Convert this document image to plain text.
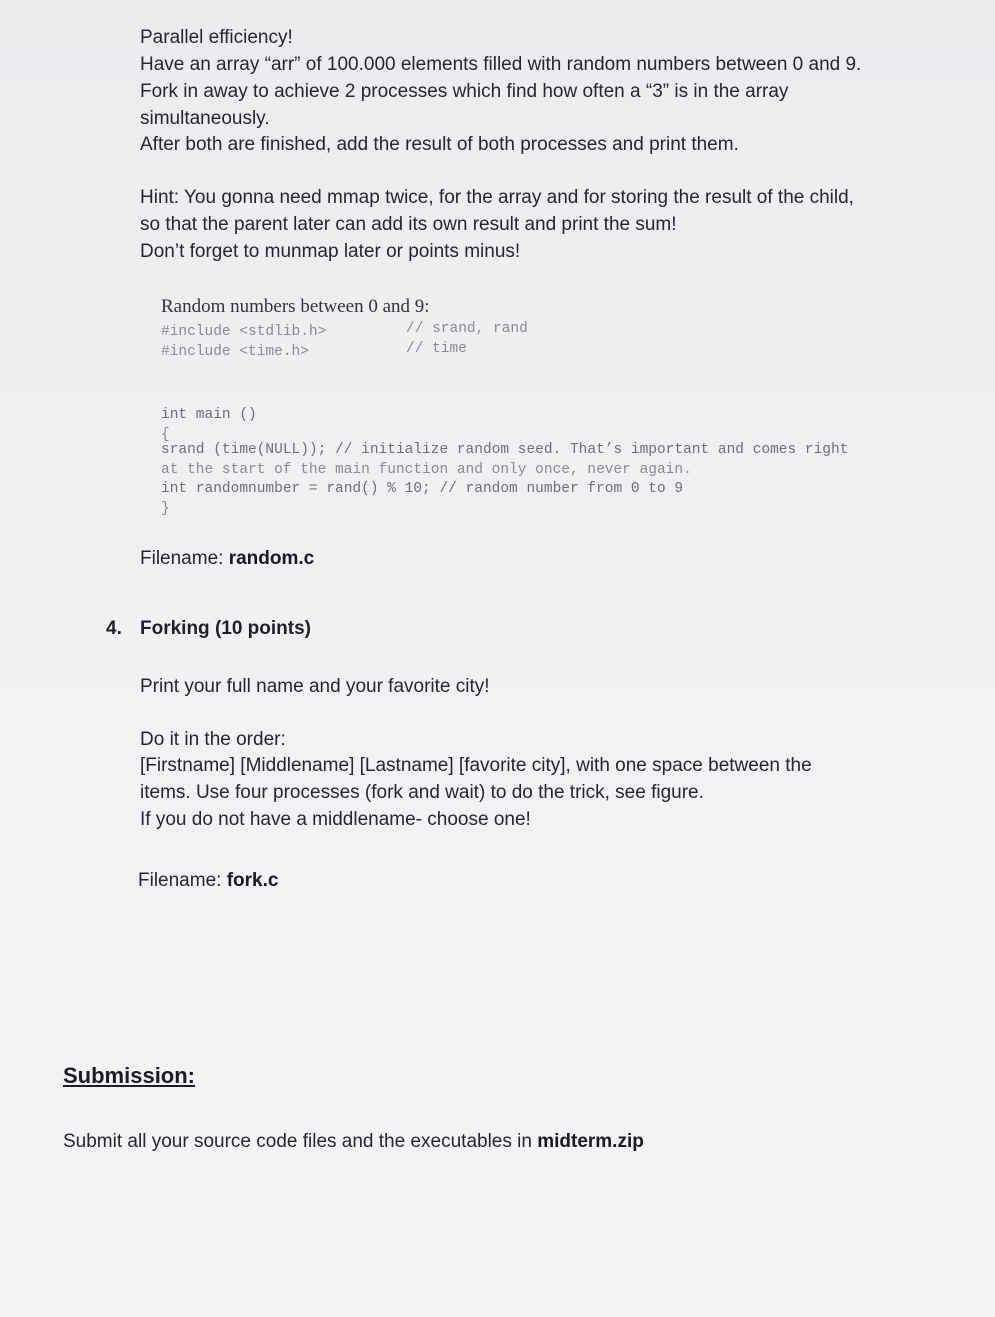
Parallel efficiency!

Have an array “arr” of 100.000 elements filled with random numbers between 0 and 9.

Fork in away to achieve 2 processes which find how often a “3” is in the array

simultaneously.

After both are finished, add the result of both processes and print them.

Hint: You gonna need mmap twice, for the array and for storing the result of the child,

so that the parent later can add its own result and print the sum!

Don’t forget to munmap later or points minus!

Random numbers between 0 and 9:

#include <stdlib.h>	// srand, rand

#include <time.h>	// time

int main ()

{

srand (time(NULL)); // initialize random seed. That’s important and comes right

at the start of the main function and only once, never again.

int randomnumber = rand() % 10; // random number from 0 to 9

}

Filename: random.c

4. Forking (10 points)

Print your full name and your favorite city!

Do it in the order:

[Firstname] [Middlename] [Lastname] [favorite city], with one space between the

items. Use four processes (fork and wait) to do the trick, see figure.

If you do not have a middlename- choose one!

Filename: fork.c

Submission:

Submit all your source code files and the executables in midterm.zip
